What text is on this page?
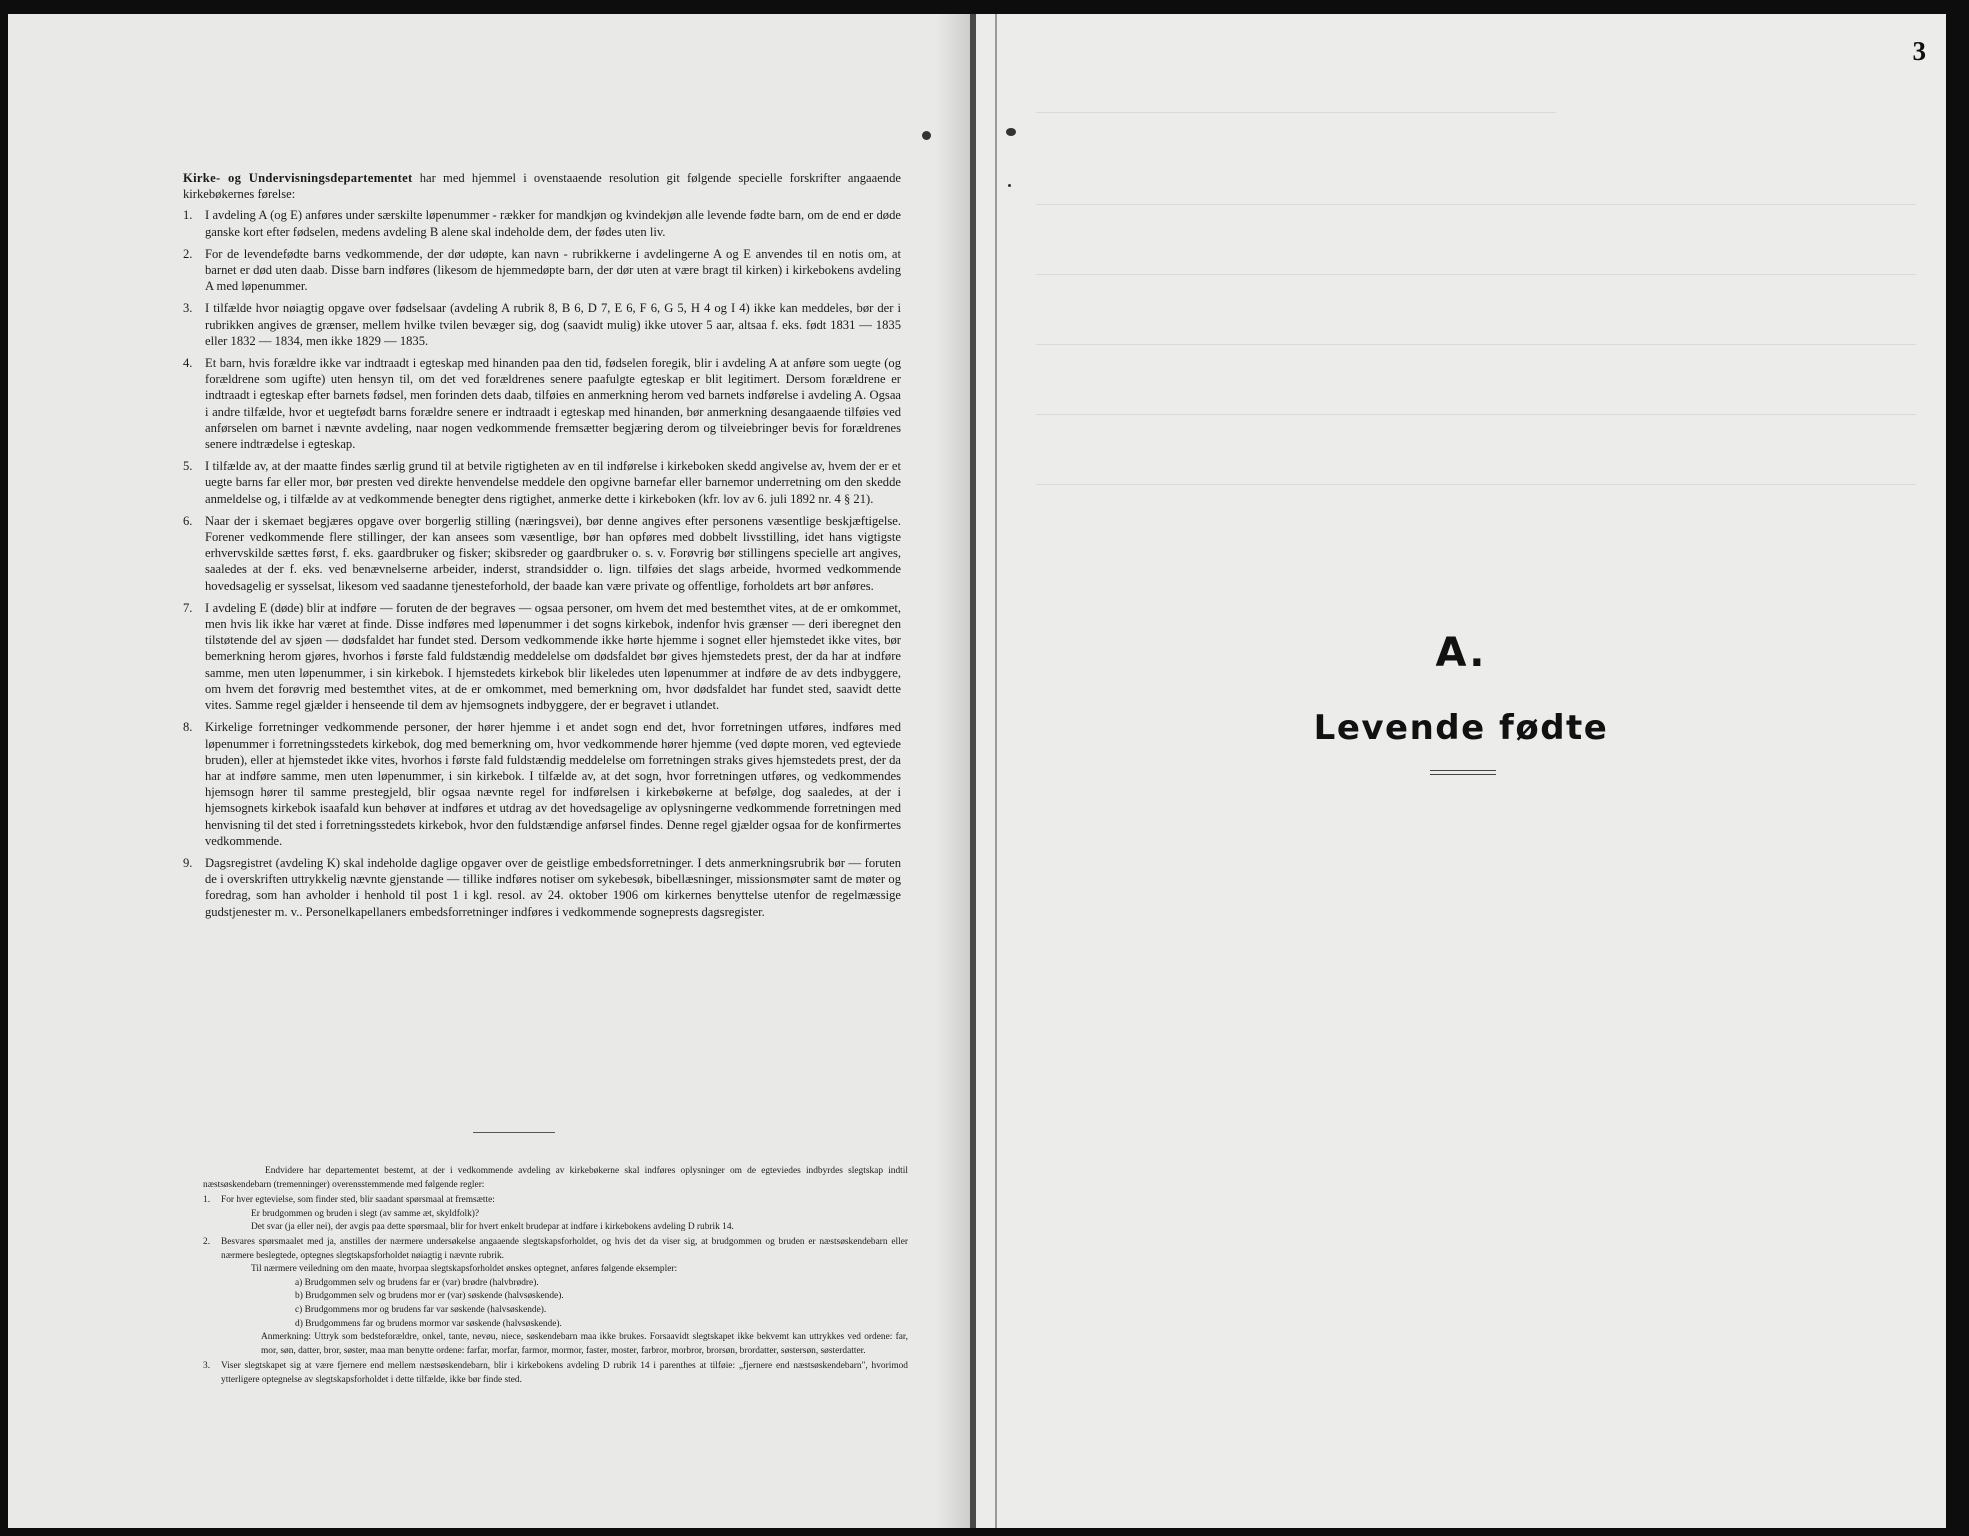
Kirke- og Undervisningsdepartementet har med hjemmel i ovenstaaende resolution git følgende specielle forskrifter angaaende kirkebøkernes førelse:

1. I avdeling A (og E) anføres under særskilte løpenummer - rækker for mandkjøn og kvindekjøn alle levende fødte barn, om de end er døde ganske kort efter fødselen, medens avdeling B alene skal indeholde dem, der fødes uten liv.
2. For de levendefødte barns vedkommende, der dør udøpte, kan navn - rubrikkerne i avdelingerne A og E anvendes til en notis om, at barnet er død uten daab. Disse barn indføres (likesom de hjemmedøpte barn, der dør uten at være bragt til kirken) i kirkebokens avdeling A med løpenummer.
3. I tilfælde hvor nøiagtig opgave over fødselsaar (avdeling A rubrik 8, B 6, D 7, E 6, F 6, G 5, H 4 og I 4) ikke kan meddeles, bør der i rubrikken angives de grænser, mellem hvilke tvilen bevæger sig, dog (saavidt mulig) ikke utover 5 aar, altsaa f. eks. født 1831 — 1835 eller 1832 — 1834, men ikke 1829 — 1835.
4. Et barn, hvis forældre ikke var indtraadt i egteskap med hinanden paa den tid, fødselen foregik, blir i avdeling A at anføre som uegte (og forældrene som ugifte) uten hensyn til, om det ved forældrenes senere paafulgte egteskap er blit legitimert. Dersom forældrene er indtraadt i egteskap efter barnets fødsel, men forinden dets daab, tilføies en anmerkning herom ved barnets indførelse i avdeling A. Ogsaa i andre tilfælde, hvor et uegtefødt barns forældre senere er indtraadt i egteskap med hinanden, bør anmerkning desangaaende tilføies ved anførselen om barnet i nævnte avdeling, naar nogen vedkommende fremsætter begjæring derom og tilveiebringer bevis for forældrenes senere indtrædelse i egteskap.
5. I tilfælde av, at der maatte findes særlig grund til at betvile rigtigheten av en til indførelse i kirkeboken skedd angivelse av, hvem der er et uegte barns far eller mor, bør presten ved direkte henvendelse meddele den opgivne barnefar eller barnemor underretning om den skedde anmeldelse og, i tilfælde av at vedkommende benegter dens rigtighet, anmerke dette i kirkeboken (kfr. lov av 6. juli 1892 nr. 4 § 21).
6. Naar der i skemaet begjæres opgave over borgerlig stilling (næringsvei), bør denne angives efter personens væsentlige beskjæftigelse. Forener vedkommende flere stillinger, der kan ansees som væsentlige, bør han opføres med dobbelt livsstilling, idet hans vigtigste erhvervskilde sættes først, f. eks. gaardbruker og fisker; skibsreder og gaardbruker o. s. v. Forøvrig bør stillingens specielle art angives, saaledes at der f. eks. ved benævnelserne arbeider, inderst, strandsidder o. lign. tilføies det slags arbeide, hvormed vedkommende hovedsagelig er sysselsat, likesom ved saadanne tjenesteforhold, der baade kan være private og offentlige, forholdets art bør anføres.
7. I avdeling E (døde) blir at indføre — foruten de der begraves — ogsaa personer, om hvem det med bestemthet vites, at de er omkommet, men hvis lik ikke har været at finde. Disse indføres med løpenummer i det sogns kirkebok, indenfor hvis grænser — deri iberegnet den tilstøtende del av sjøen — dødsfaldet har fundet sted. Dersom vedkommende ikke hørte hjemme i sognet eller hjemstedet ikke vites, bør bemerkning herom gjøres, hvorhos i første fald fuldstændig meddelelse om dødsfaldet bør gives hjemstedets prest, der da har at indføre samme, men uten løpenummer, i sin kirkebok. I hjemstedets kirkebok blir likeledes uten løpenummer at indføre de av dets indbyggere, om hvem det forøvrig med bestemthet vites, at de er omkommet, med bemerkning om, hvor dødsfaldet har fundet sted, saavidt dette vites. Samme regel gjælder i henseende til dem av hjemsognets indbyggere, der er begravet i utlandet.
8. Kirkelige forretninger vedkommende personer, der hører hjemme i et andet sogn end det, hvor forretningen utføres, indføres med løpenummer i forretningsstedets kirkebok, dog med bemerkning om, hvor vedkommende hører hjemme (ved døpte moren, ved egteviede bruden), eller at hjemstedet ikke vites, hvorhos i første fald fuldstændig meddelelse om forretningen straks gives hjemstedets prest, der da har at indføre samme, men uten løpenummer, i sin kirkebok. I tilfælde av, at det sogn, hvor forretningen utføres, og vedkommendes hjemsogn hører til samme prestegjeld, blir ogsaa nævnte regel for indførelsen i kirkebøkerne at befølge, dog saaledes, at der i hjemsognets kirkebok isaafald kun behøver at indføres et utdrag av det hovedsagelige av oplysningerne vedkommende forretningen med henvisning til det sted i forretningsstedets kirkebok, hvor den fuldstændige anførsel findes. Denne regel gjælder ogsaa for de konfirmertes vedkommende.
9. Dagsregistret (avdeling K) skal indeholde daglige opgaver over de geistlige embedsforretninger. I dets anmerkningsrubrik bør — foruten de i overskriften uttrykkelig nævnte gjenstande — tillike indføres notiser om sykebesøk, bibellæsninger, missionsmøter samt de møter og foredrag, som han avholder i henhold til post 1 i kgl. resol. av 24. oktober 1906 om kirkernes benyttelse utenfor de regelmæssige gudstjenester m. v.. Personelkapellaners embedsforretninger indføres i vedkommende sogneprests dagsregister.

Endvidere har departementet bestemt, at der i vedkommende avdeling av kirkebøkerne skal indføres oplysninger om de egteviedes indbyrdes slegtskap indtil næstsøskendebarn (tremenninger) overensstemmende med følgende regler:

1.	For hver egtevielse, som finder sted, blir saadant spørsmaal at fremsætte:
Er brudgommen og bruden i slegt (av samme æt, skyldfolk)?
Det svar (ja eller nei), der avgis paa dette spørsmaal, blir for hvert enkelt brudepar at indføre i kirkebokens avdeling D rubrik 14.
2.	Besvares spørsmaalet med ja, anstilles der nærmere undersøkelse angaaende slegtskapsforholdet, og hvis det da viser sig, at brudgommen og bruden er næstsøskendebarn eller nærmere beslegtede, optegnes slegtskapsforholdet nøiagtig i nævnte rubrik.
Til nærmere veiledning om den maate, hvorpaa slegtskapsforholdet ønskes optegnet, anføres følgende eksempler:
a) Brudgommen selv og brudens far er (var) brødre (halvbrødre).
b) Brudgommen selv og brudens mor er (var) søskende (halvsøskende).
c) Brudgommens mor og brudens far var søskende (halvsøskende).
d) Brudgommens far og brudens mormor var søskende (halvsøskende).
Anmerkning: Uttryk som bedsteforældre, onkel, tante, nevøu, niece, søskendebarn maa ikke brukes. Forsaavidt slegtskapet ikke bekvemt kan uttrykkes ved ordene: far, mor, søn, datter, bror, søster, maa man benytte ordene: farfar, morfar, farmor, mormor, faster, moster, farbror, morbror, brorsøn, brordatter, søstersøn, søsterdatter.
3.	Viser slegtskapet sig at være fjernere end mellem næstsøskendebarn, blir i kirkebokens avdeling D rubrik 14 i parenthes at tilføie: „fjernere end næstsøskendebarn", hvorimod ytterligere optegnelse av slegtskapsforholdet i dette tilfælde, ikke bør finde sted.
3
A.
Levende fødte
